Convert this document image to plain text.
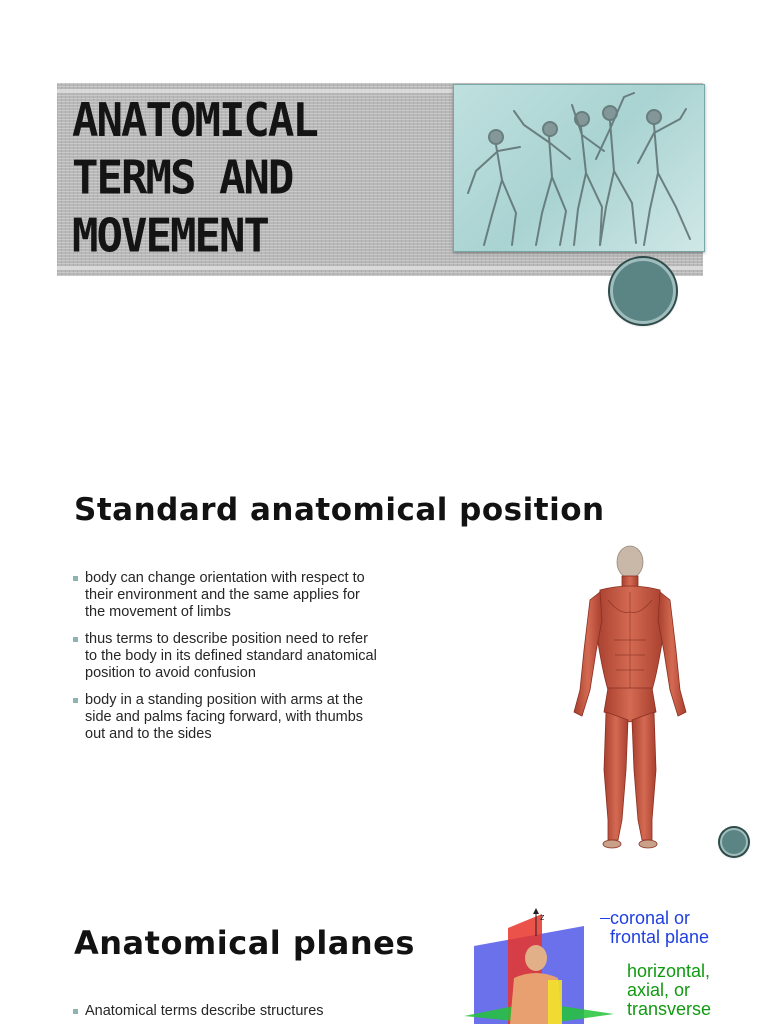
ANATOMICAL
TERMS AND
MOVEMENT
Standard anatomical position
body can change orientation with respect to their environment and the same applies for the movement of limbs
thus terms to describe position need to refer to the body in its defined standard anatomical position to avoid confusion
body in a standing position with arms at the side and palms facing forward, with thumbs out and to the sides
Anatomical planes
Anatomical terms describe structures
z	coronal or
frontal plane

horizontal,
axial, or
transverse
